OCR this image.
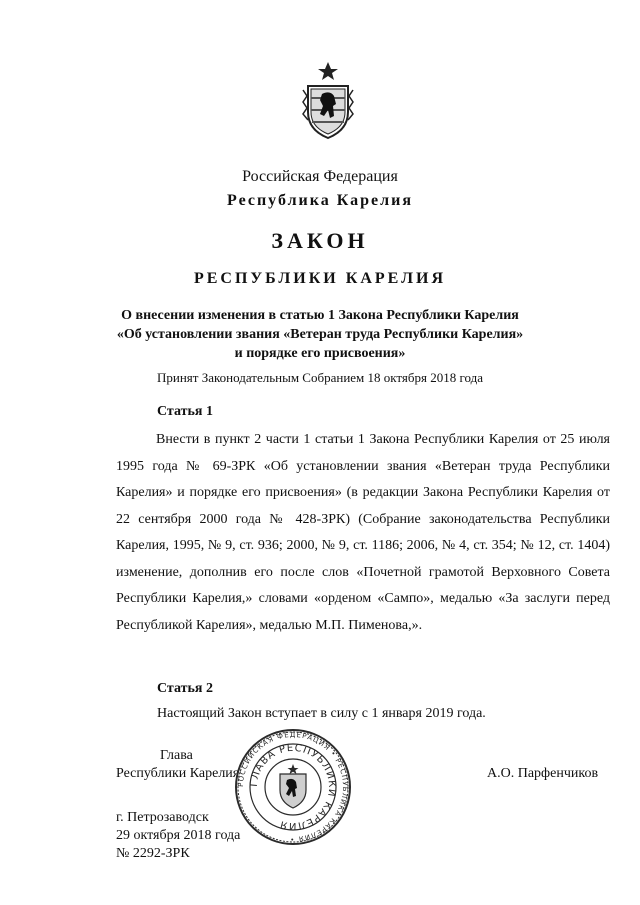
Российская Федерация
Республика Карелия
ЗАКОН
РЕСПУБЛИКИ КАРЕЛИЯ
О внесении изменения в статью 1 Закона Республики Карелия
«Об установлении звания «Ветеран труда Республики Карелия»
и порядке его присвоения»
Принят Законодательным Собранием 18 октября 2018 года
Статья 1
Внести в пункт 2 части 1 статьи 1 Закона Республики Карелия от 25 июля 1995 года № 69-ЗРК «Об установлении звания «Ветеран труда Республики Карелия» и порядке его присвоения» (в редакции Закона Республики Карелия от 22 сентября 2000 года № 428-ЗРК) (Собрание законодательства Республики Карелия, 1995, № 9, ст. 936; 2000, № 9, ст. 1186; 2006, № 4, ст. 354; № 12, ст. 1404) изменение, дополнив его после слов «Почетной грамотой Верховного Совета Республики Карелия,» словами «орденом «Сампо», медалью «За заслуги перед Республикой Карелия», медалью М.П. Пименова,».
Статья 2
Настоящий Закон вступает в силу с 1 января 2019 года.
Глава
Республики Карелия	А.О. Парфенчиков
РОССИЙСКАЯ ФЕДЕРАЦИЯ • РЕСПУБЛИКА КАРЕЛИЯ •
ГЛАВА РЕСПУБЛИКИ КАРЕЛИЯ
г. Петрозаводск
29 октября 2018 года
№ 2292-ЗРК
